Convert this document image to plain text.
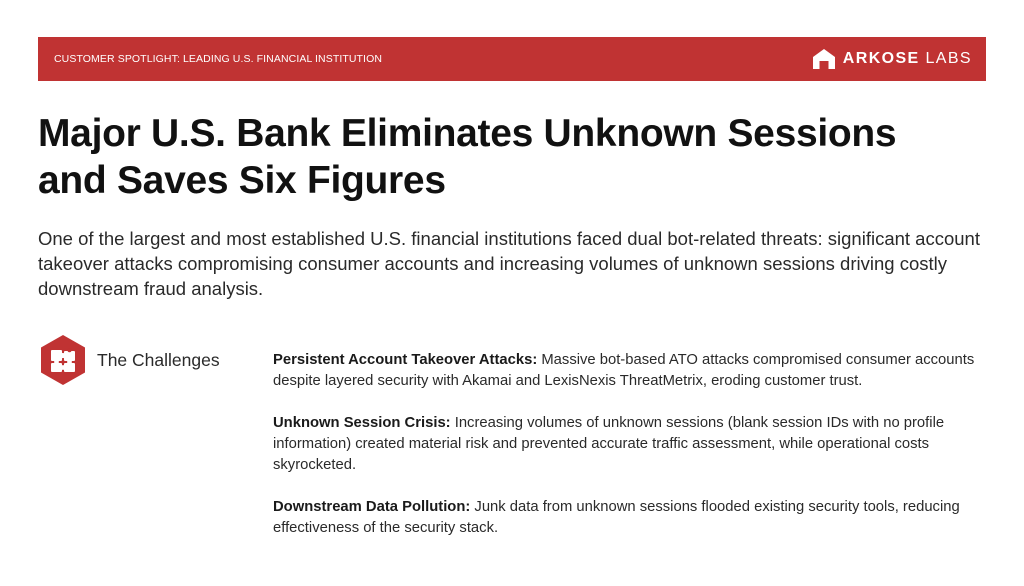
CUSTOMER SPOTLIGHT: LEADING U.S. FINANCIAL INSTITUTION	ARKOSE LABS
Major U.S. Bank Eliminates Unknown Sessions
and Saves Six Figures

One of the largest and most established U.S. financial institutions faced dual bot-related threats: significant account takeover attacks compromising consumer accounts and increasing volumes of unknown sessions driving costly downstream fraud analysis.

The Challenges	Persistent Account Takeover Attacks: Massive bot-based ATO attacks compromised consumer accounts despite layered security with Akamai and LexisNexis ThreatMetrix, eroding customer trust.

Unknown Session Crisis: Increasing volumes of unknown sessions (blank session IDs with no profile information) created material risk and prevented accurate traffic assessment, while operational costs skyrocketed.

Downstream Data Pollution: Junk data from unknown sessions flooded existing security tools, reducing effectiveness of the security stack.
